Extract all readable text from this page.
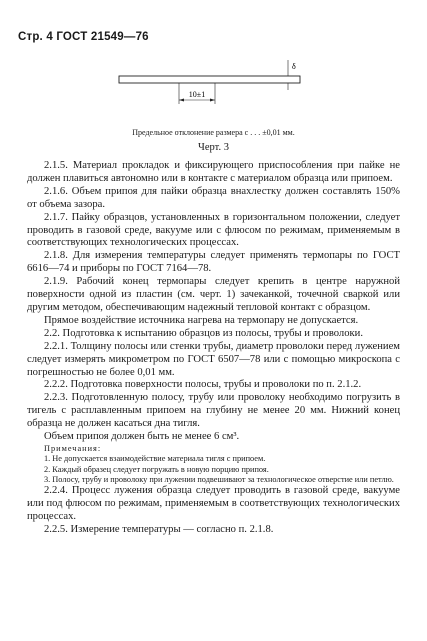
Стр. 4 ГОСТ 21549—76
δ
10±1
Предельное отклонение размера с . . . ±0,01 мм.
Черт. 3

2.1.5. Материал прокладок и фиксирующего приспособления при пайке не должен плавиться автономно или в контакте с материалом образца или припоем.

2.1.6. Объем припоя для пайки образца внахлестку должен составлять 150% от объема зазора.

2.1.7. Пайку образцов, установленных в горизонтальном положении, следует проводить в газовой среде, вакууме или с флюсом по режимам, применяемым в соответствующих технологических процессах.

2.1.8. Для измерения температуры следует применять термопары по ГОСТ 6616—74 и приборы по ГОСТ 7164—78.

2.1.9. Рабочий конец термопары следует крепить в центре наружной поверхности одной из пластин (см. черт. 1) зачеканкой, точечной сваркой или другим методом, обеспечивающим надежный тепловой контакт с образцом.

Прямое воздействие источника нагрева на термопару не допускается.

2.2. Подготовка к испытанию образцов из полосы, трубы и проволоки.

2.2.1. Толщину полосы или стенки трубы, диаметр проволоки перед лужением следует измерять микрометром по ГОСТ 6507—78 или с помощью микроскопа с погрешностью не более 0,01 мм.

2.2.2. Подготовка поверхности полосы, трубы и проволоки по п. 2.1.2.

2.2.3. Подготовленную полосу, трубу или проволоку необходимо погрузить в тигель с расплавленным припоем на глубину не менее 20 мм. Нижний конец образца не должен касаться дна тигля.

Объем припоя должен быть не менее 6 см³.

Примечания:

1. Не допускается взаимодействие материала тигля с припоем.

2. Каждый образец следует погружать в новую порцию припоя.

3. Полосу, трубу и проволоку при лужении подвешивают за технологическое отверстие или петлю.

2.2.4. Процесс лужения образца следует проводить в газовой среде, вакууме или под флюсом по режимам, применяемым в соответствующих технологических процессах.

2.2.5. Измерение температуры — согласно п. 2.1.8.
